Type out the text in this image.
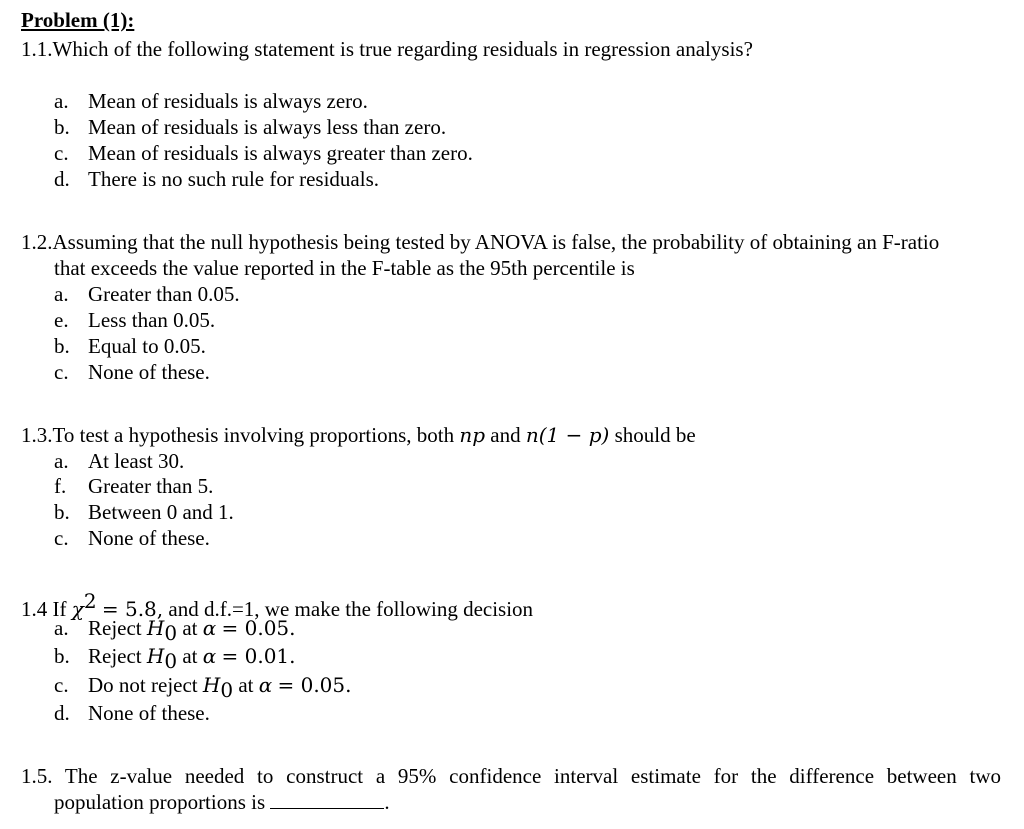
Problem (1):
1.1.Which of the following statement is true regarding residuals in regression analysis?
a. Mean of residuals is always zero.
b. Mean of residuals is always less than zero.
c. Mean of residuals is always greater than zero.
d. There is no such rule for residuals.
1.2.Assuming that the null hypothesis being tested by ANOVA is false, the probability of obtaining an F-ratio
that exceeds the value reported in the F-table as the 95th percentile is
a. Greater than 0.05.
e. Less than 0.05.
b. Equal to 0.05.
c. None of these.
1.3.To test a hypothesis involving proportions, both np and n(1 − p) should be
a. At least 30.
f.	Greater than 5.
b. Between 0 and 1.
c. None of these.
1.4 If $\chi^2 = 5.8$, and d.f.=1, we make the following decision
a. Reject $H_0$ at α = 0.05.
b. Reject $H_0$ at α = 0.01.
c. Do not reject $H_0$ at α = 0.05.
d. None of these.
1.5. The z-value needed to construct a 95% confidence interval estimate for the difference between two
population proportions is	.
